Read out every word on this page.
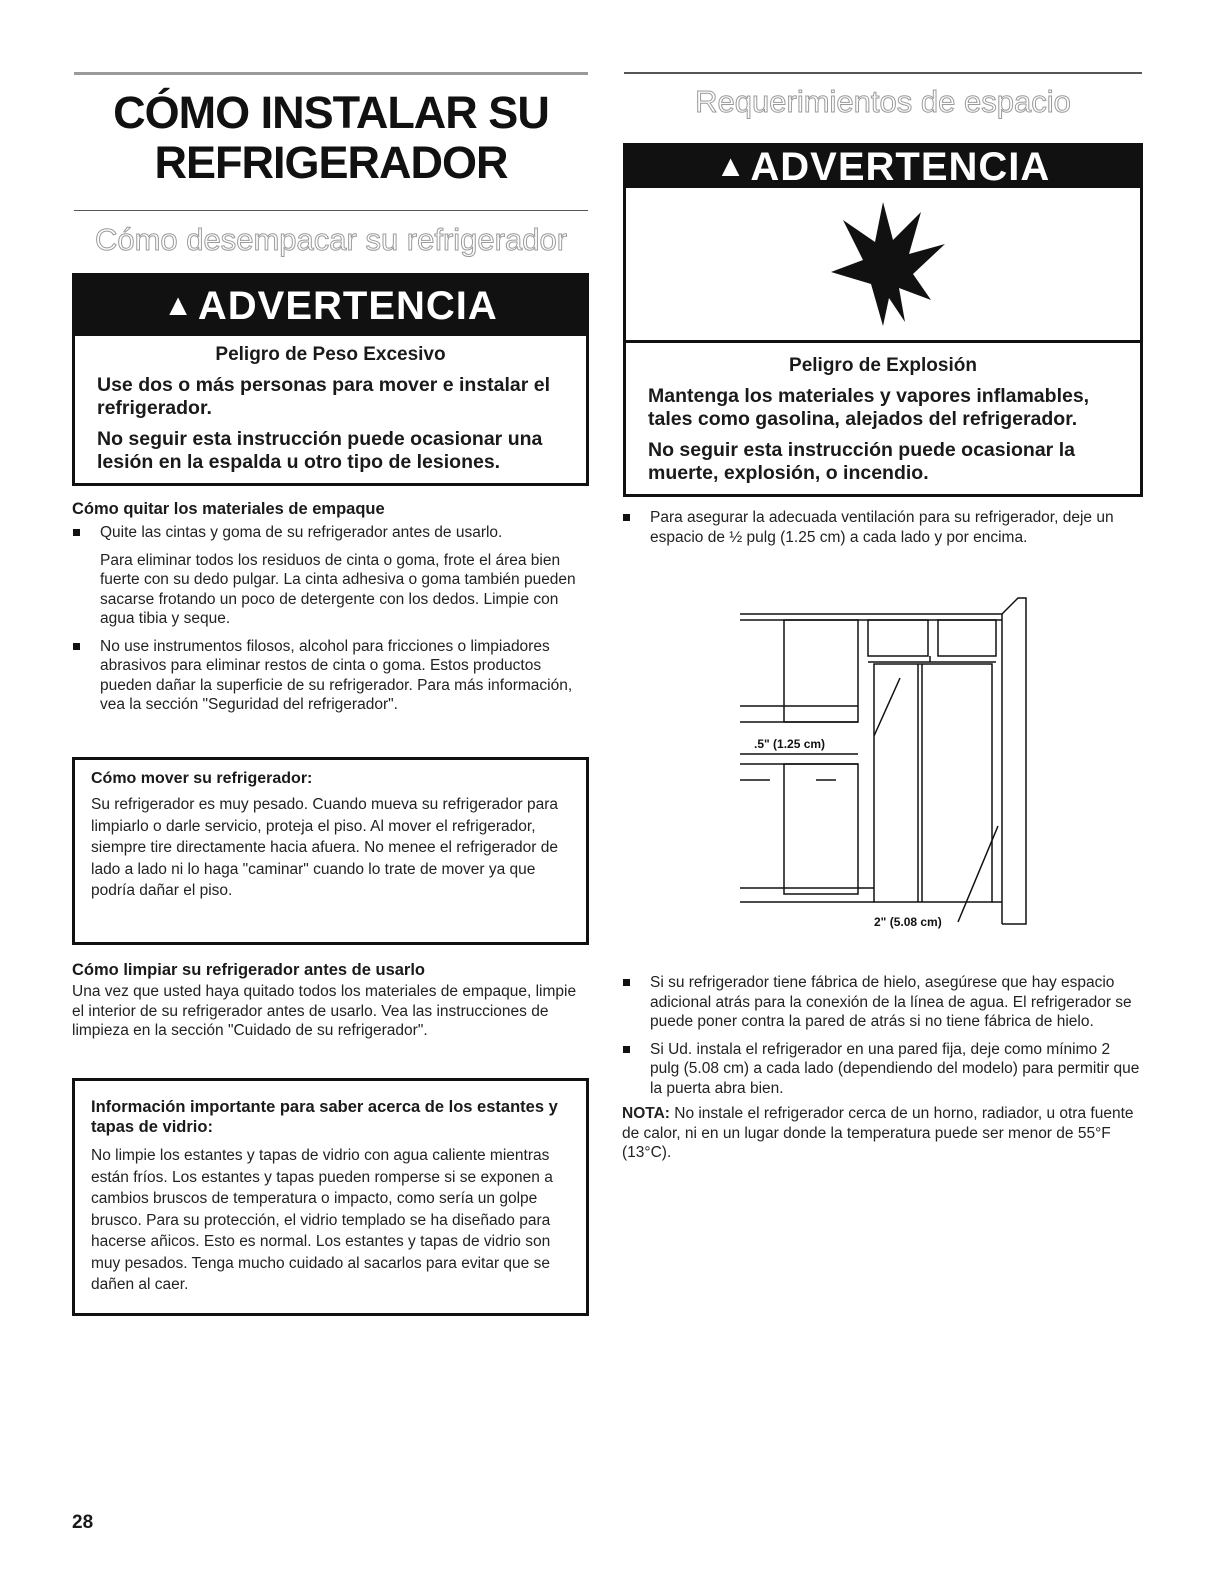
CÓMO INSTALAR SU
REFRIGERADOR
Cómo desempacar su refrigerador
▲ ADVERTENCIA
Peligro de Peso Excesivo

Use dos o más personas para mover e instalar el refrigerador.

No seguir esta instrucción puede ocasionar una lesión en la espalda u otro tipo de lesiones.

Cómo quitar los materiales de empaque

Quite las cintas y goma de su refrigerador antes de usarlo.

Para eliminar todos los residuos de cinta o goma, frote el área bien fuerte con su dedo pulgar. La cinta adhesiva o goma también pueden sacarse frotando un poco de detergente con los dedos. Limpie con agua tibia y seque.

No use instrumentos filosos, alcohol para fricciones o limpiadores abrasivos para eliminar restos de cinta o goma. Estos productos pueden dañar la superficie de su refrigerador. Para más información, vea la sección "Seguridad del refrigerador".

Cómo mover su refrigerador:

Su refrigerador es muy pesado. Cuando mueva su refrigerador para limpiarlo o darle servicio, proteja el piso. Al mover el refrigerador, siempre tire directamente hacia afuera. No menee el refrigerador de lado a lado ni lo haga "caminar" cuando lo trate de mover ya que podría dañar el piso.

Cómo limpiar su refrigerador antes de usarlo

Una vez que usted haya quitado todos los materiales de empaque, limpie el interior de su refrigerador antes de usarlo. Vea las instrucciones de limpieza en la sección "Cuidado de su refrigerador".

Información importante para saber acerca de los estantes y tapas de vidrio:

No limpie los estantes y tapas de vidrio con agua caliente mientras están fríos. Los estantes y tapas pueden romperse si se exponen a cambios bruscos de temperatura o impacto, como sería un golpe brusco. Para su protección, el vidrio templado se ha diseñado para hacerse añicos. Esto es normal. Los estantes y tapas de vidrio son muy pesados. Tenga mucho cuidado al sacarlos para evitar que se dañen al caer.

Requerimientos de espacio
▲ ADVERTENCIA
Peligro de Explosión

Mantenga los materiales y vapores inflamables, tales como gasolina, alejados del refrigerador.

No seguir esta instrucción puede ocasionar la muerte, explosión, o incendio.

Para asegurar la adecuada ventilación para su refrigerador, deje un espacio de ½ pulg (1.25 cm) a cada lado y por encima.

.5" (1.25 cm)
2" (5.08 cm)

Si su refrigerador tiene fábrica de hielo, asegúrese que hay espacio adicional atrás para la conexión de la línea de agua. El refrigerador se puede poner contra la pared de atrás si no tiene fábrica de hielo.

Si Ud. instala el refrigerador en una pared fija, deje como mínimo 2 pulg (5.08 cm) a cada lado (dependiendo del modelo) para permitir que la puerta abra bien.

NOTA: No instale el refrigerador cerca de un horno, radiador, u otra fuente de calor, ni en un lugar donde la temperatura puede ser menor de 55°F (13°C).

28
